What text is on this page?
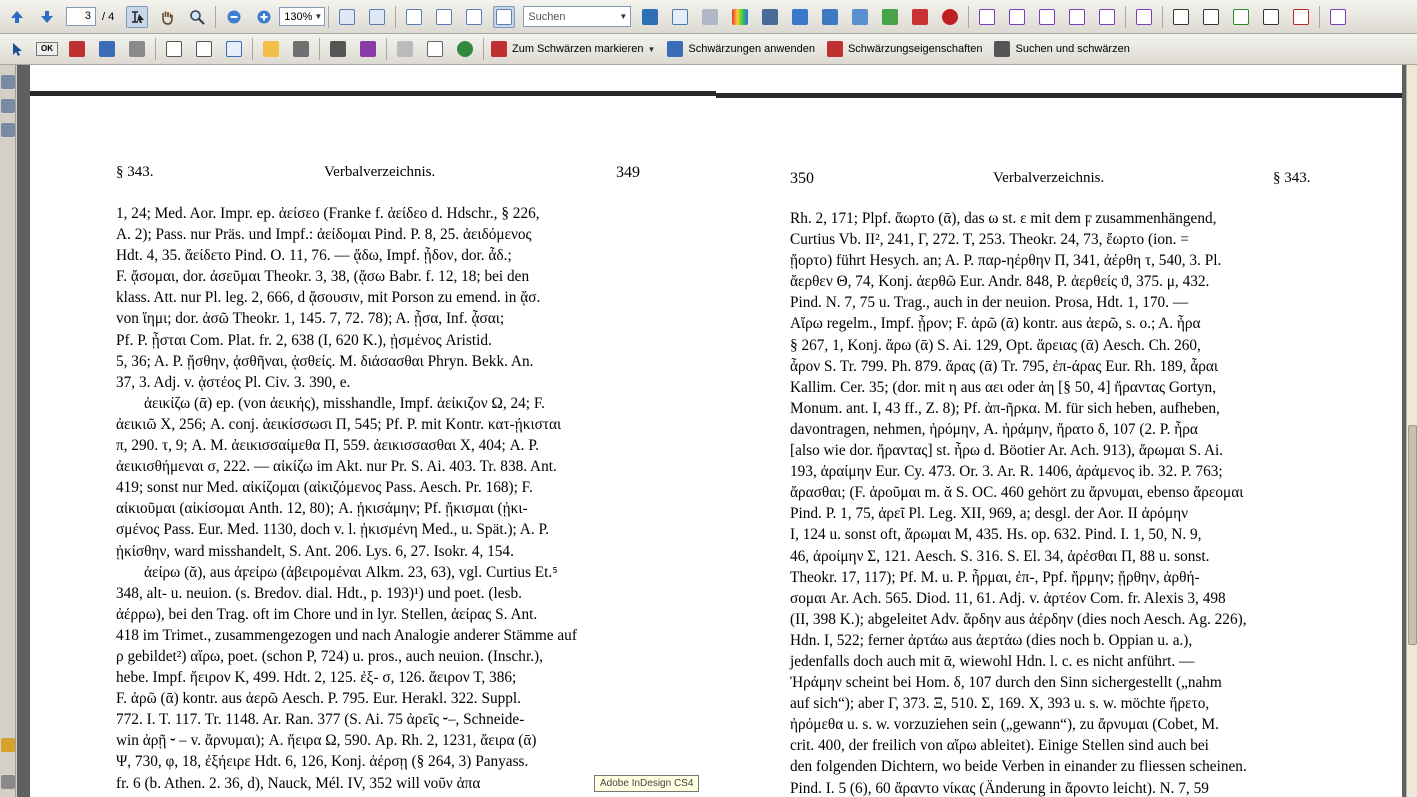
3	/ 4	130% ▼	Suchen	▼
OK	Zum Schwärzen markieren ▼	Schwärzungen anwenden	Schwärzungseigenschaften	Suchen und schwärzen
§ 343.	Verbalverzeichnis.	349

1, 24; Med. Aor. Impr. ep. ἀείσεο (Franke f. ἀείδεο d. Hdschr., § 226,

A. 2); Pass. nur Präs. und Impf.: ἀείδομαι Pind. P. 8, 25. ἀειδόμενος

Hdt. 4, 35. ἄείδετο Pind. O. 11, 76. — ᾄδω, Impf. ᾖδον, dor. ἆδ.;

F. ᾄσομαι, dor. ἀσεῦμαι Theokr. 3, 38, (ᾄσω Babr. f. 12, 18; bei den

klass. Att. nur Pl. leg. 2, 666, d ᾄσουσιν, mit Porson zu emend. in ᾄσ.

von ἵημι; dor. ἀσῶ Theokr. 1, 145. 7, 72. 78); A. ᾖσα, Inf. ᾆσαι;

Pf. P. ᾖσται Com. Plat. fr. 2, 638 (I, 620 K.), ᾐσμένος Aristid.

5, 36; A. P. ᾔσθην, ᾀσθῆναι, ᾀσθείς. M. διάσασθαι Phryn. Bekk. An.

37, 3. Adj. v. ᾀστέος Pl. Civ. 3. 390, e.

ἀεικίζω (ᾱ) ep. (von ἀεικής), misshandle, Impf. ἀείκιζον Ω, 24; F.

ἀεικιῶ Χ, 256; A. conj. ἀεικίσσωσι Π, 545; Pf. P. mit Kontr. κατ-ῄκισται

π, 290. τ, 9; A. M. ἀεικισσαίμεθα Π, 559. ἀεικισσασθαι Χ, 404; A. P.

ἀεικισθήμεναι σ, 222. — αἰκίζω im Akt. nur Pr. S. Ai. 403. Tr. 838. Ant.

419; sonst nur Med. αἰκίζομαι (αἰκιζόμενος Pass. Aesch. Pr. 168); F.

αἰκιοῦμαι (αἰκίσομαι Anth. 12, 80); A. ᾐκισάμην; Pf. ᾔκισμαι (ᾐκι-

σμένος Pass. Eur. Med. 1130, doch v. l. ᾐκισμένη Med., u. Spät.); A. P.

ᾐκίσθην, ward misshandelt, S. Ant. 206. Lys. 6, 27. Isokr. 4, 154.

ἀείρω (ᾰ), aus ἀϝείρω (ἀβειρομέναι Alkm. 23, 63), vgl. Curtius Et.⁵

348, alt- u. neuion. (s. Bredov. dial. Hdt., p. 193)¹) und poet. (lesb.

ἀέρρω), bei den Trag. oft im Chore und in lyr. Stellen, ἀείρας S. Ant.

418 im Trimet., zusammengezogen und nach Analogie anderer Stämme auf

ρ gebildet²) αἴρω, poet. (schon P, 724) u. pros., auch neuion. (Inschr.),

hebe. Impf. ἤειρον Κ, 499. Hdt. 2, 125. ἐξ- σ, 126. ἄειρον Τ, 386;

F. ἀρῶ (ᾱ) kontr. aus ἀερῶ Aesch. P. 795. Eur. Herakl. 322. Suppl.

772. I. T. 117. Tr. 1148. Ar. Ran. 377 (S. Ai. 75 ἀρεῖς ⏑–, Schneide-

win ἀρῇ ⏑ – v. ἄρνυμαι); A. ἤειρα Ω, 590. Ap. Rh. 2, 1231, ἄειρα (ᾱ)

Ψ, 730, φ, 18, ἐξήειρε Hdt. 6, 126, Konj. ἀέρσῃ (§ 264, 3) Panyass.

fr. 6 (b. Athen. 2. 36, d), Nauck, Mél. IV, 352 will νοῦν ἀπα

350	Verbalverzeichnis.	§ 343.

Rh. 2, 171; Plpf. ἄωρτο (ᾱ), das ω st. ε mit dem ϝ zusammenhängend,

Curtius Vb. II², 241, Γ, 272. Τ, 253. Theokr. 24, 73, ἔωρτο (ion. =

ᾔορτο) führt Hesych. an; A. P. παρ-ηέρθην Π, 341, ἀέρθη τ, 540, 3. Pl.

ἄερθεν Θ, 74, Konj. ἀερθῶ Eur. Andr. 848, P. ἀερθείς ϑ, 375. μ, 432.

Pind. N. 7, 75 u. Trag., auch in der neuion. Prosa, Hdt. 1, 170. —

Αἴρω regelm., Impf. ᾖρον; F. ἀρῶ (ᾱ) kontr. aus ἀερῶ, s. o.; A. ἦρα

§ 267, 1, Konj. ἄρω (ᾱ) S. Ai. 129, Opt. ἄρειας (ᾱ) Aesch. Ch. 260,

ἆρον S. Tr. 799. Ph. 879. ἄρας (ᾱ) Tr. 795, ἐπ-άρας Eur. Rh. 189, ἆραι

Kallim. Cer. 35; (dor. mit η aus αει oder ἀη [§ 50, 4] ἤραντας Gortyn,

Monum. ant. I, 43 ff., Z. 8); Pf. ἀπ-ῆρκα. M. für sich heben, aufheben,

davontragen, nehmen, ἠρόμην, A. ἠράμην, ἤρατο δ, 107 (2. P. ἦρα

[also wie dor. ἤραντας] st. ἦρω d. Böotier Ar. Ach. 913), ἄρωμαι S. Ai.

193, ἀραίμην Eur. Cy. 473. Or. 3. Ar. R. 1406, ἀράμενος ib. 32. P. 763;

ἄρασθαι; (F. ἀροῦμαι m. ᾰ S. OC. 460 gehört zu ἄρνυμαι, ebenso ἄρεομαι

Pind. P. 1, 75, ἀρεῖ Pl. Leg. XII, 969, a; desgl. der Aor. II ἀρόμην

I, 124 u. sonst oft, ἄρωμαι Μ, 435. Hs. op. 632. Pind. I. 1, 50, N. 9,

46, ἀροίμην Σ, 121. Aesch. S. 316. S. El. 34, ἀρέσθαι Π, 88 u. sonst.

Theokr. 17, 117); Pf. M. u. P. ἦρμαι, ἐπ-, Ppf. ἤρμην; ᾔρθην, ἀρθή-

σομαι Ar. Ach. 565. Diod. 11, 61. Adj. v. ἀρτέον Com. fr. Alexis 3, 498

(II, 398 K.); abgeleitet Adv. ἄρδην aus ἀέρδην (dies noch Aesch. Ag. 226),

Hdn. I, 522; ferner ἀρτάω aus ἀερτάω (dies noch b. Oppian u. a.),

jedenfalls doch auch mit ᾱ, wiewohl Hdn. l. c. es nicht anführt. —

Ἠράμην scheint bei Hom. δ, 107 durch den Sinn sichergestellt („nahm

auf sich“); aber Γ, 373. Ξ, 510. Σ, 169. Χ, 393 u. s. w. möchte ἤρετο,

ἠρόμεθα u. s. w. vorzuziehen sein („gewann“), zu ἄρνυμαι (Cobet, M.

crit. 400, der freilich von αἴρω ableitet). Einige Stellen sind auch bei

den folgenden Dichtern, wo beide Verben in einander zu fliessen scheinen.

Pind. I. 5 (6), 60 ἄραντο νίκας (Änderung in ἄροντο leicht). N. 7, 59

Adobe InDesign CS4
